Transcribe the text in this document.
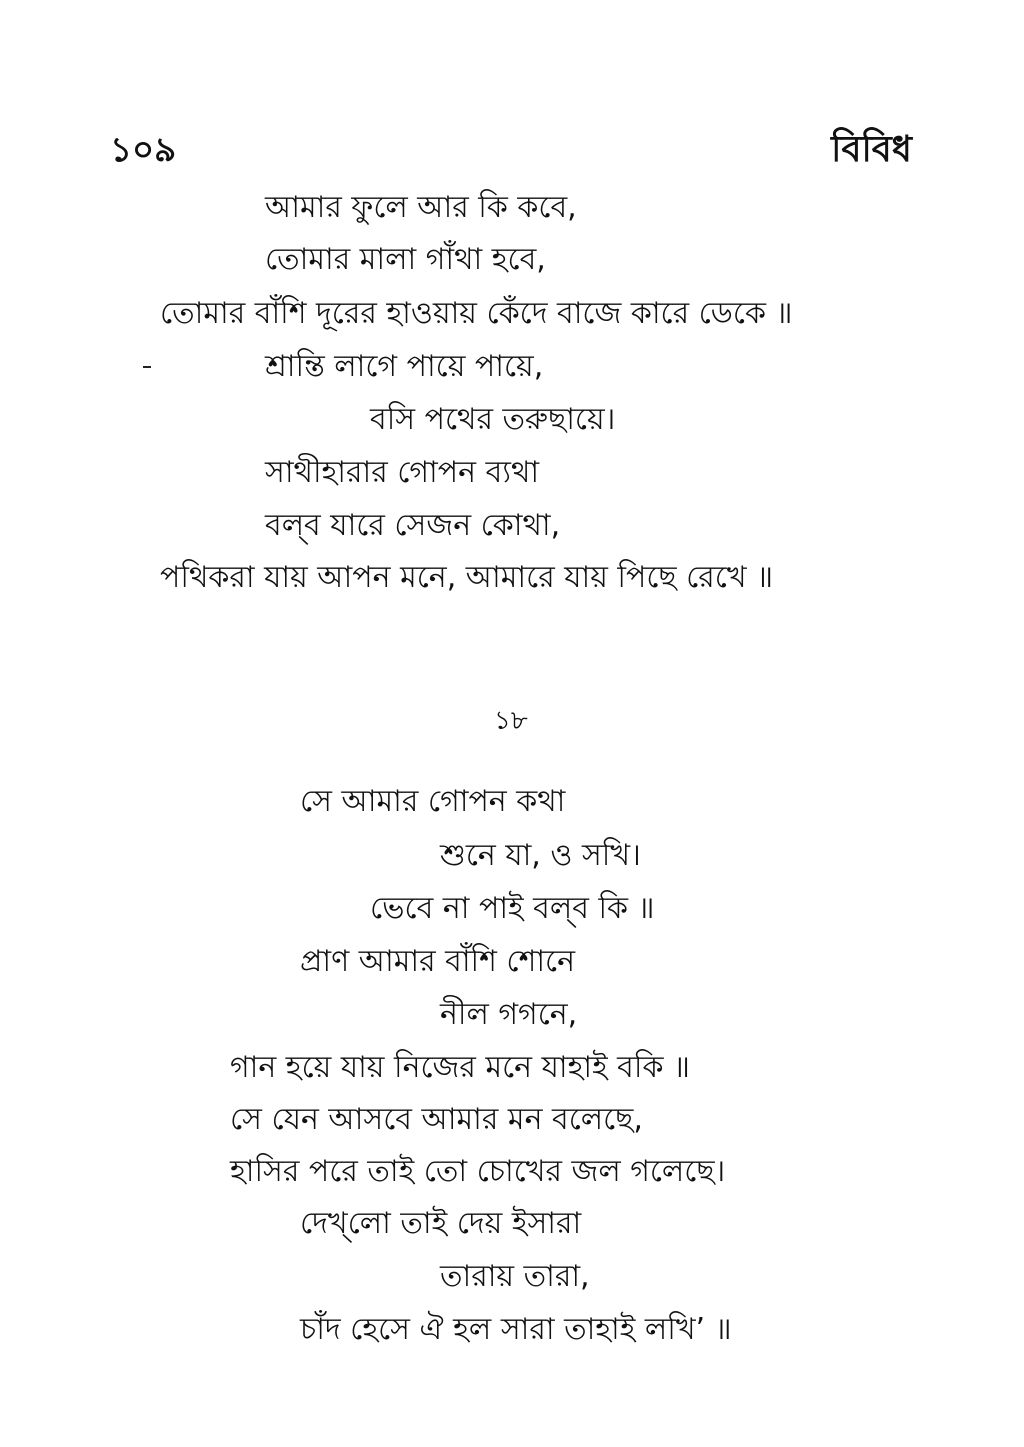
১০৯	বিবিধ
আমার ফুলে আর কি কবে,
তোমার মালা গাঁথা হবে,
তোমার বাঁশি দূরের হাওয়ায় কেঁদে বাজে কারে ডেকে ॥
শ্রান্তি লাগে পায়ে পায়ে,
বসি পথের তরুছায়ে।
সাথীহারার গোপন ব্যথা
বল্‌ব যারে সেজন কোথা,
পথিকরা যায় আপন মনে, আমারে যায় পিছে রেখে ॥
১৮
সে আমার গোপন কথা
শুনে যা, ও সখি।
ভেবে না পাই বল্‌ব কি ॥
প্রাণ আমার বাঁশি শোনে
নীল গগনে,
গান হয়ে যায় নিজের মনে যাহাই বকি ॥
সে যেন আসবে আমার মন বলেছে,
হাসির পরে তাই তো চোখের জল গলেছে।
দেখ্‌লো তাই দেয় ইসারা
তারায় তারা,
চাঁদ হেসে ঐ হল সারা তাহাই লখি’ ॥
